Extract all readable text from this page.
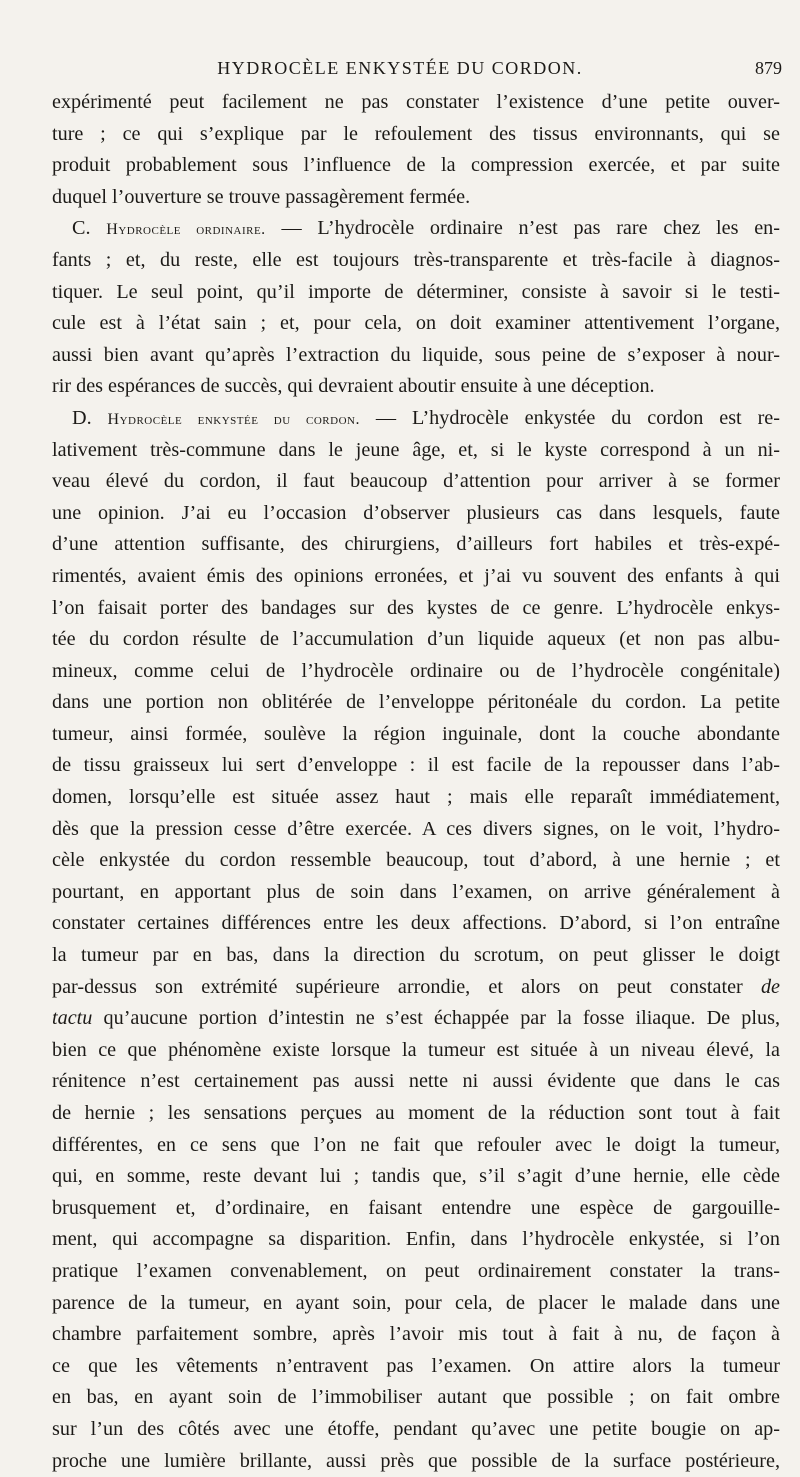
HYDROCÈLE ENKYSTÉE DU CORDON.	879
expérimenté peut facilement ne pas constater l’existence d’une petite ouver-
ture ; ce qui s’explique par le refoulement des tissus environnants, qui se
produit probablement sous l’influence de la compression exercée, et par suite
duquel l’ouverture se trouve passagèrement fermée.
C. Hydrocèle ordinaire. — L’hydrocèle ordinaire n’est pas rare chez les en-
fants ; et, du reste, elle est toujours très-transparente et très-facile à diagnos-
tiquer. Le seul point, qu’il importe de déterminer, consiste à savoir si le testi-
cule est à l’état sain ; et, pour cela, on doit examiner attentivement l’organe,
aussi bien avant qu’après l’extraction du liquide, sous peine de s’exposer à nour-
rir des espérances de succès, qui devraient aboutir ensuite à une déception.
D. Hydrocèle enkystée du cordon. — L’hydrocèle enkystée du cordon est re-
lativement très-commune dans le jeune âge, et, si le kyste correspond à un ni-
veau élevé du cordon, il faut beaucoup d’attention pour arriver à se former
une opinion. J’ai eu l’occasion d’observer plusieurs cas dans lesquels, faute
d’une attention suffisante, des chirurgiens, d’ailleurs fort habiles et très-expé-
rimentés, avaient émis des opinions erronées, et j’ai vu souvent des enfants à qui
l’on faisait porter des bandages sur des kystes de ce genre. L’hydrocèle enkys-
tée du cordon résulte de l’accumulation d’un liquide aqueux (et non pas albu-
mineux, comme celui de l’hydrocèle ordinaire ou de l’hydrocèle congénitale)
dans une portion non oblitérée de l’enveloppe péritonéale du cordon. La petite
tumeur, ainsi formée, soulève la région inguinale, dont la couche abondante
de tissu graisseux lui sert d’enveloppe : il est facile de la repousser dans l’ab-
domen, lorsqu’elle est située assez haut ; mais elle reparaît immédiatement,
dès que la pression cesse d’être exercée. A ces divers signes, on le voit, l’hydro-
cèle enkystée du cordon ressemble beaucoup, tout d’abord, à une hernie ; et
pourtant, en apportant plus de soin dans l’examen, on arrive généralement à
constater certaines différences entre les deux affections. D’abord, si l’on entraîne
la tumeur par en bas, dans la direction du scrotum, on peut glisser le doigt
par-dessus son extrémité supérieure arrondie, et alors on peut constater de
tactu qu’aucune portion d’intestin ne s’est échappée par la fosse iliaque. De plus,
bien ce que phénomène existe lorsque la tumeur est située à un niveau élevé, la
rénitence n’est certainement pas aussi nette ni aussi évidente que dans le cas
de hernie ; les sensations perçues au moment de la réduction sont tout à fait
différentes, en ce sens que l’on ne fait que refouler avec le doigt la tumeur,
qui, en somme, reste devant lui ; tandis que, s’il s’agit d’une hernie, elle cède
brusquement et, d’ordinaire, en faisant entendre une espèce de gargouille-
ment, qui accompagne sa disparition. Enfin, dans l’hydrocèle enkystée, si l’on
pratique l’examen convenablement, on peut ordinairement constater la trans-
parence de la tumeur, en ayant soin, pour cela, de placer le malade dans une
chambre parfaitement sombre, après l’avoir mis tout à fait à nu, de façon à
ce que les vêtements n’entravent pas l’examen. On attire alors la tumeur
en bas, en ayant soin de l’immobiliser autant que possible ; on fait ombre
sur l’un des côtés avec une étoffe, pendant qu’avec une petite bougie on ap-
proche une lumière brillante, aussi près que possible de la surface postérieure,
